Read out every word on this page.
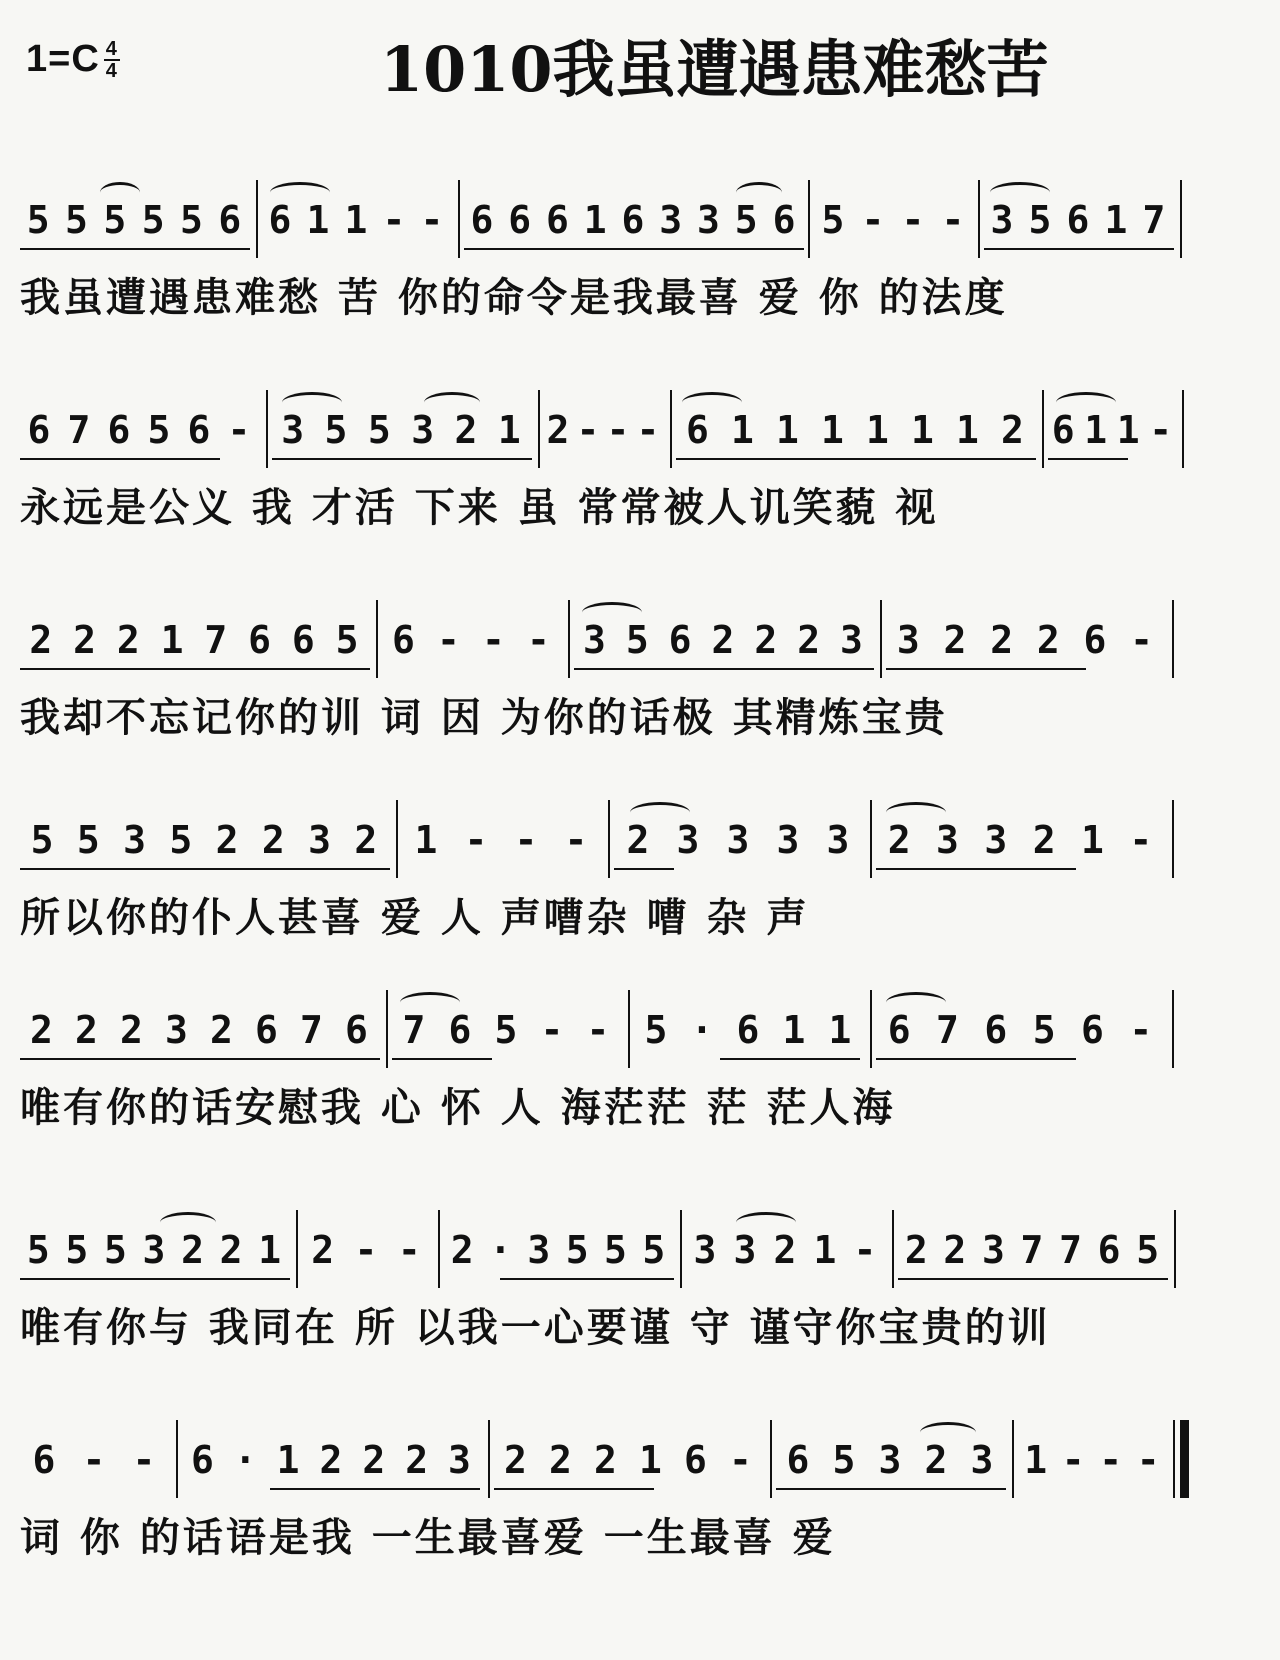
$1=C \frac{4}{4}$	1010我虽遭遇患难愁苦
5 5 5 5 5 6 6 1 1 - - 6 6 6 1 6 3 3 5 6 5 - - - 3 5 6 1 7
我虽遭遇患难愁 苦 你的命令是我最喜 爱 你 的法度
6 7 6 5 6 - 3 5 5 3 2 1 2 - - - 6 1 1 1 1 1 1 2 6 1 1 -
永远是公义 我 才活 下来 虽 常常被人讥笑藐 视
2 2 2 1 7 6 6 5 6 - - - 3 5 6 2 2 2 3 3 2 2 2 6 -
我却不忘记你的训 词 因 为你的话极 其精炼宝贵
5 5 3 5 2 2 3 2 1 - - - 2 3 3 3 3 2 3 3 2 1 -
所以你的仆人甚喜 爱 人 声嘈杂 嘈 杂 声
2 2 2 3 2 6 7 6 7 6 5 - - 5 · 6 1 1 6 7 6 5 6 -
唯有你的话安慰我 心 怀 人 海茫茫 茫 茫人海
5 5 5 3 2 2 1 2 - - 2 · 3 5 5 5 3 3 2 1 - 2 2 3 7 7 6 5
唯有你与 我同在 所 以我一心要谨 守 谨守你宝贵的训
6 - - 6 · 1 2 2 2 3 2 2 2 1 6 - 6 5 3 2 3 1 - - -
词 你 的话语是我 一生最喜爱 一生最喜 爱
